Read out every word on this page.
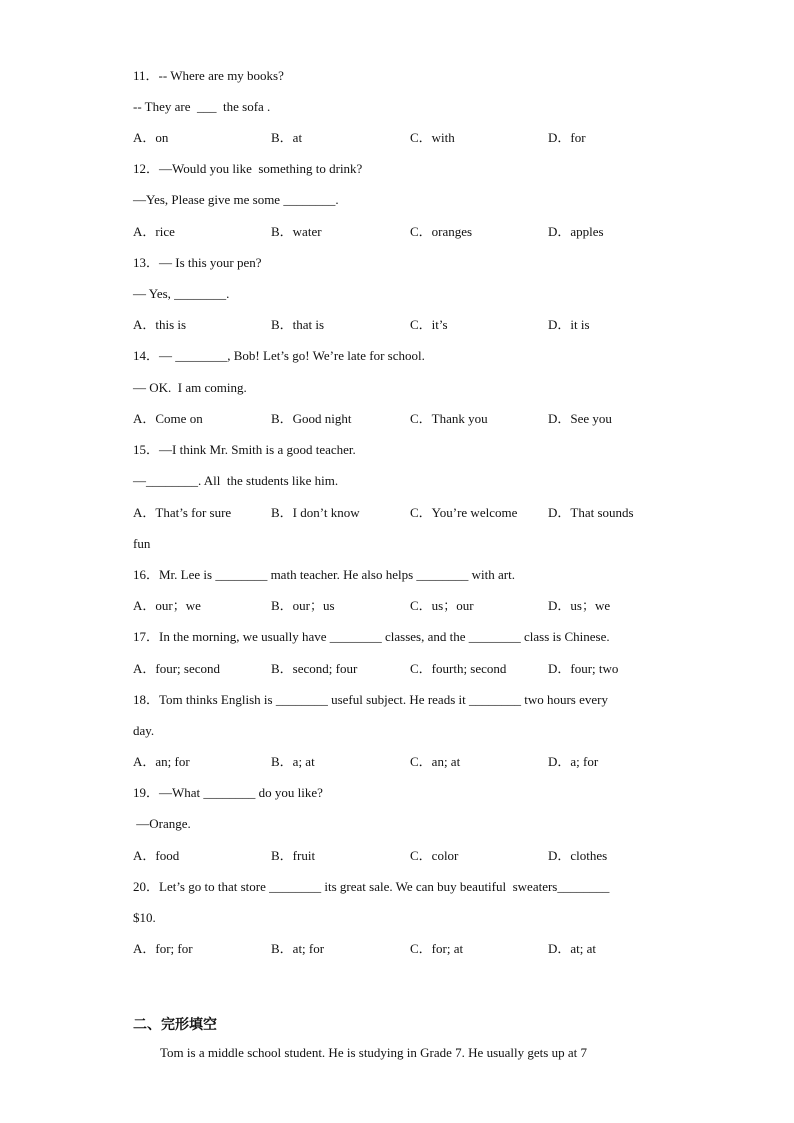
11．-- Where are my books?
-- They are  ___  the sofa .
A．on	B．at	C．with	D．for
12．—Would you like  something to drink?
—Yes, Please give me some ________.
A．rice	B．water	C．oranges	D．apples
13．— Is this your pen?
— Yes, ________.
A．this is	B．that is	C．it’s	D．it is
14．— ________, Bob! Let’s go! We’re late for school.
— OK.  I am coming.
A．Come on	B．Good night	C．Thank you	D．See you
15．—I think Mr. Smith is a good teacher.
—________. All  the students like him.
A．That’s for sure	B．I don’t know	C．You’re welcome D．That sounds
fun
16．Mr. Lee is ________ math teacher. He also helps ________ with art.
A．our；we	B．our；us	C．us；our	D．us；we
17．In the morning, we usually have ________ classes, and the ________ class is Chinese.
A．four; second	B．second; four	C．fourth; second	D．four; two
18．Tom thinks English is ________ useful subject. He reads it ________ two hours every
day.
A．an; for	B．a; at	C．an; at	D．a; for
19．—What ________ do you like?
—Orange.
A．food	B．fruit	C．color	D．clothes
20．Let’s go to that store ________ its great sale. We can buy beautiful  sweaters________
$10.
A．for; for	B．at; for	C．for; at	D．at; at
二、完形填空
Tom is a middle school student. He is studying in Grade 7. He usually gets up at 7
